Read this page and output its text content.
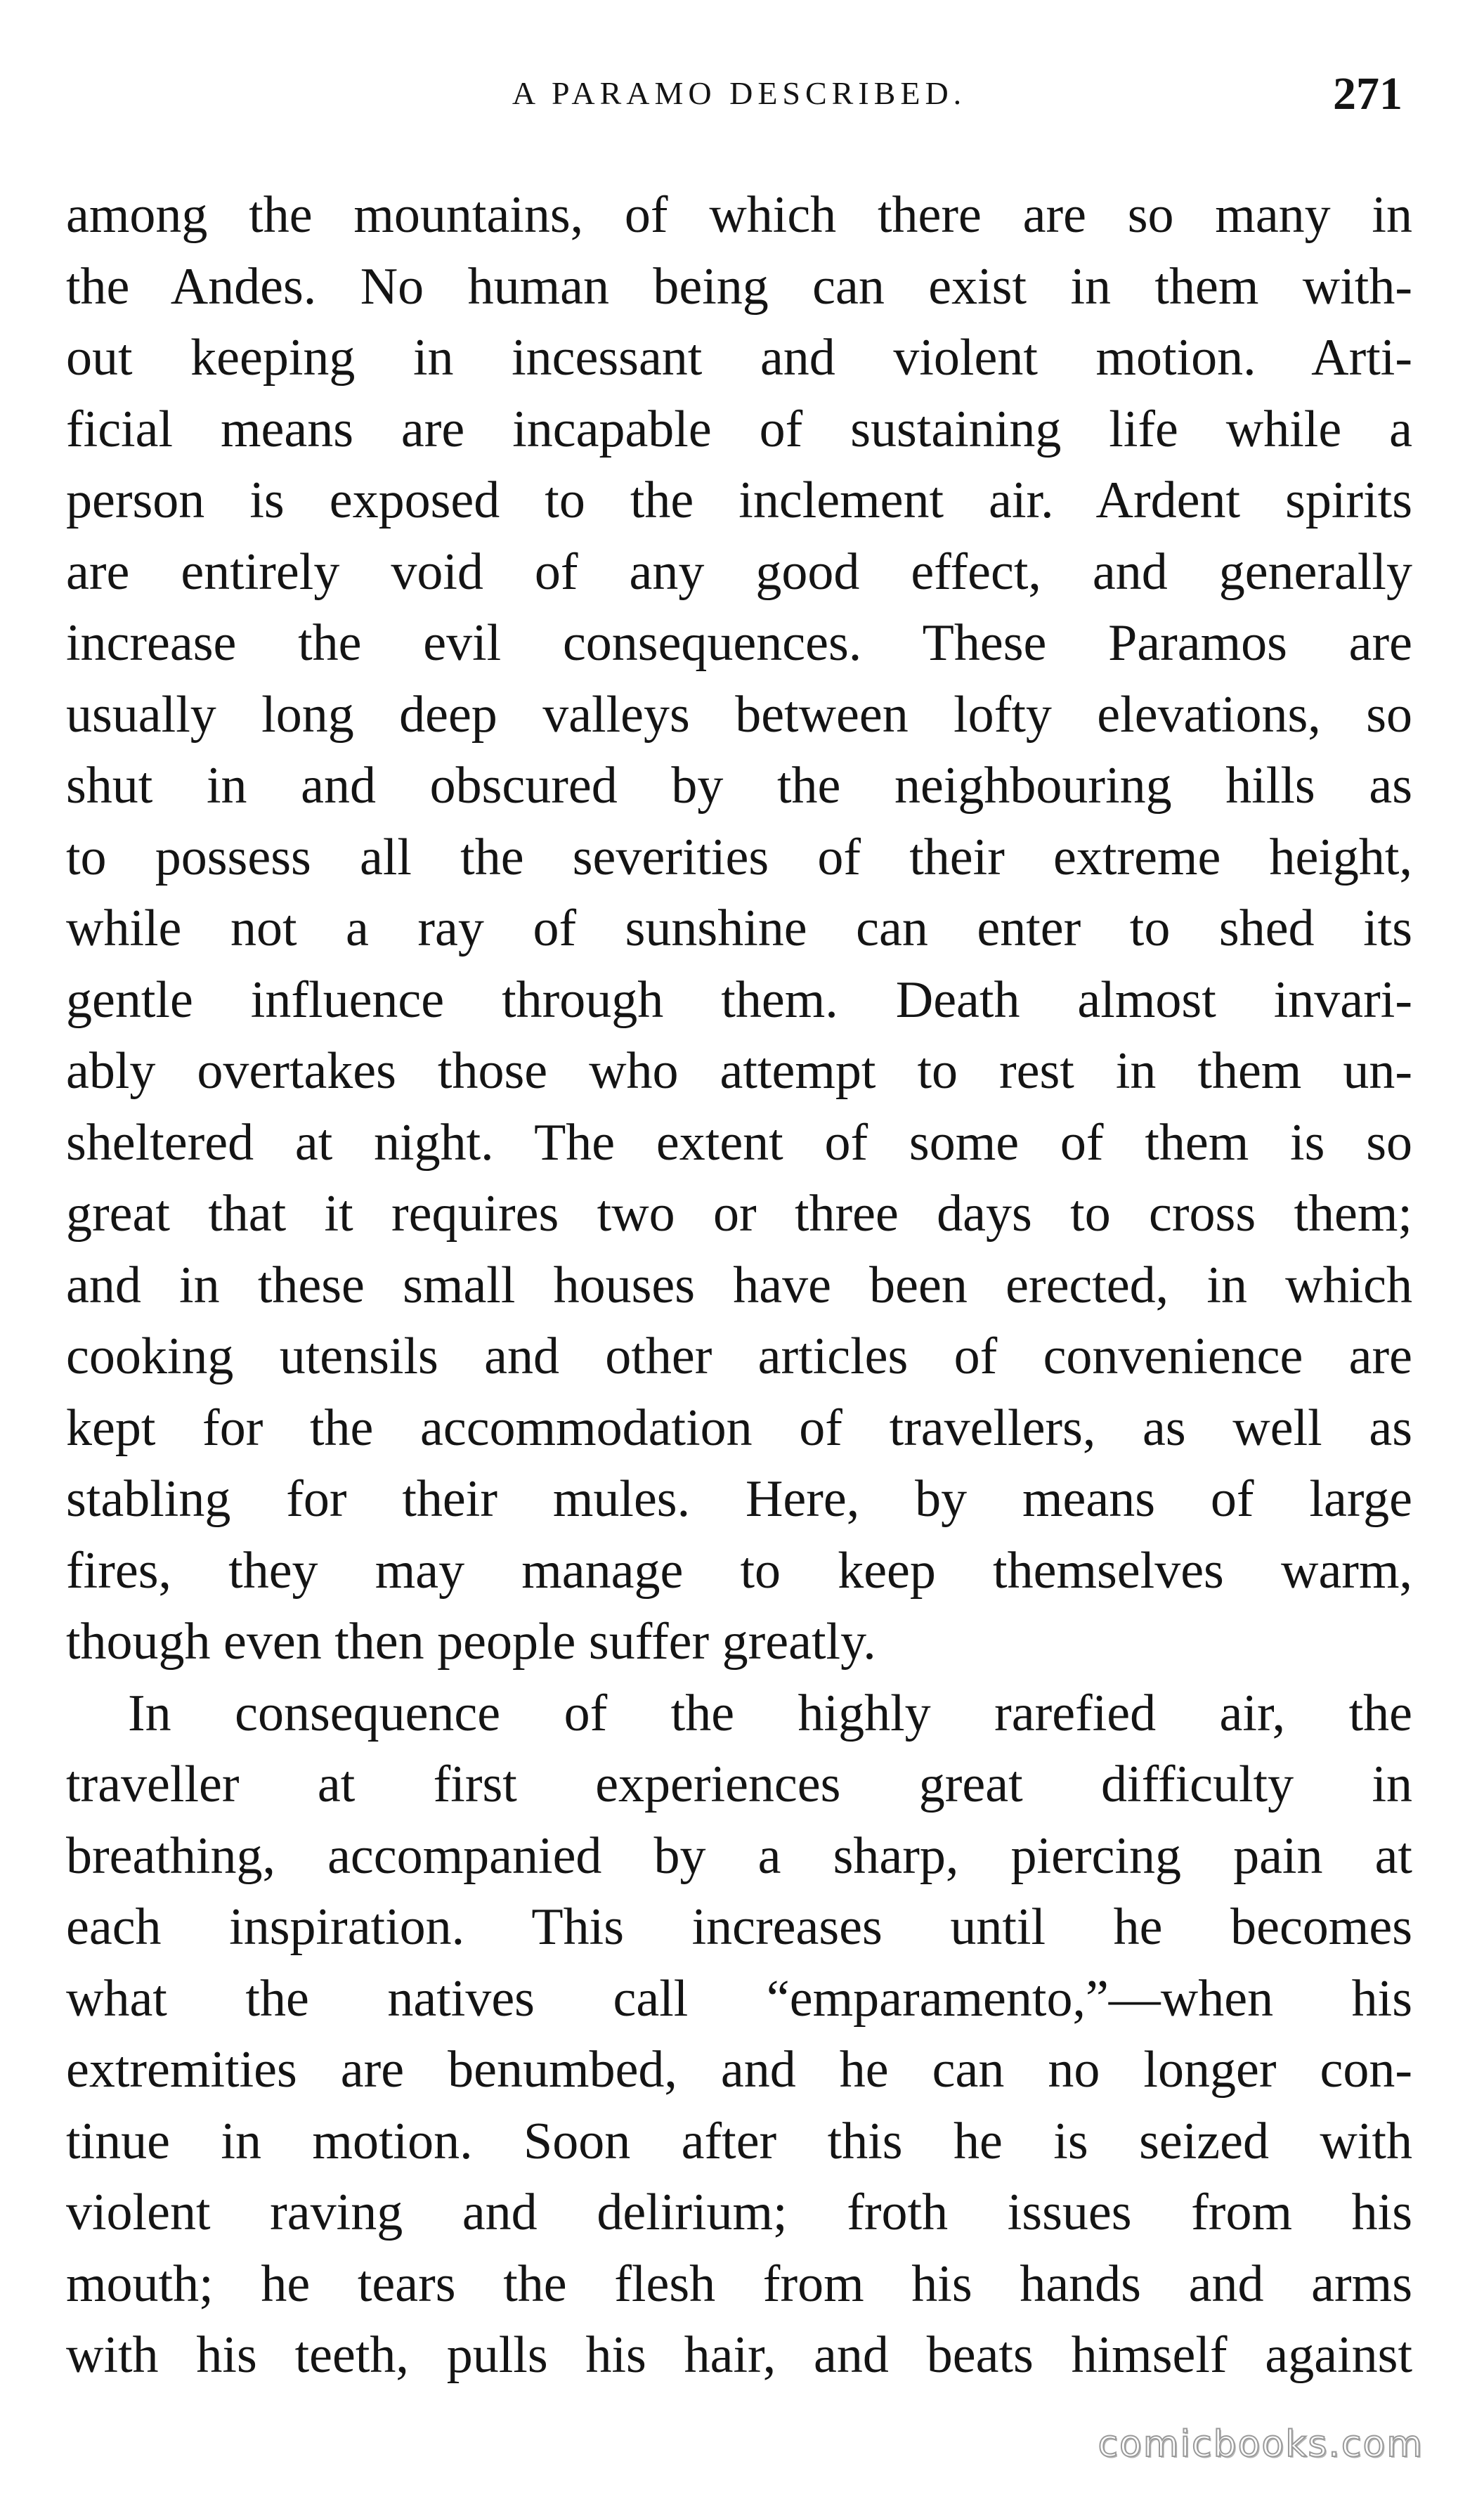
A PARAMO DESCRIBED.	271
among the mountains, of which there are so many in
the Andes. No human being can exist in them with-
out keeping in incessant and violent motion. Arti-
ficial means are incapable of sustaining life while a
person is exposed to the inclement air. Ardent spirits
are entirely void of any good effect, and generally
increase the evil consequences. These Paramos are
usually long deep valleys between lofty elevations, so
shut in and obscured by the neighbouring hills as
to possess all the severities of their extreme height,
while not a ray of sunshine can enter to shed its
gentle influence through them. Death almost invari-
ably overtakes those who attempt to rest in them un-
sheltered at night. The extent of some of them is so
great that it requires two or three days to cross them;
and in these small houses have been erected, in which
cooking utensils and other articles of convenience are
kept for the accommodation of travellers, as well as
stabling for their mules. Here, by means of large
fires, they may manage to keep themselves warm,
though even then people suffer greatly.
In consequence of the highly rarefied air, the
traveller at first experiences great difficulty in
breathing, accompanied by a sharp, piercing pain at
each inspiration. This increases until he becomes
what the natives call “emparamento,”—when his
extremities are benumbed, and he can no longer con-
tinue in motion. Soon after this he is seized with
violent raving and delirium; froth issues from his
mouth; he tears the flesh from his hands and arms
with his teeth, pulls his hair, and beats himself against
comicbooks.com
